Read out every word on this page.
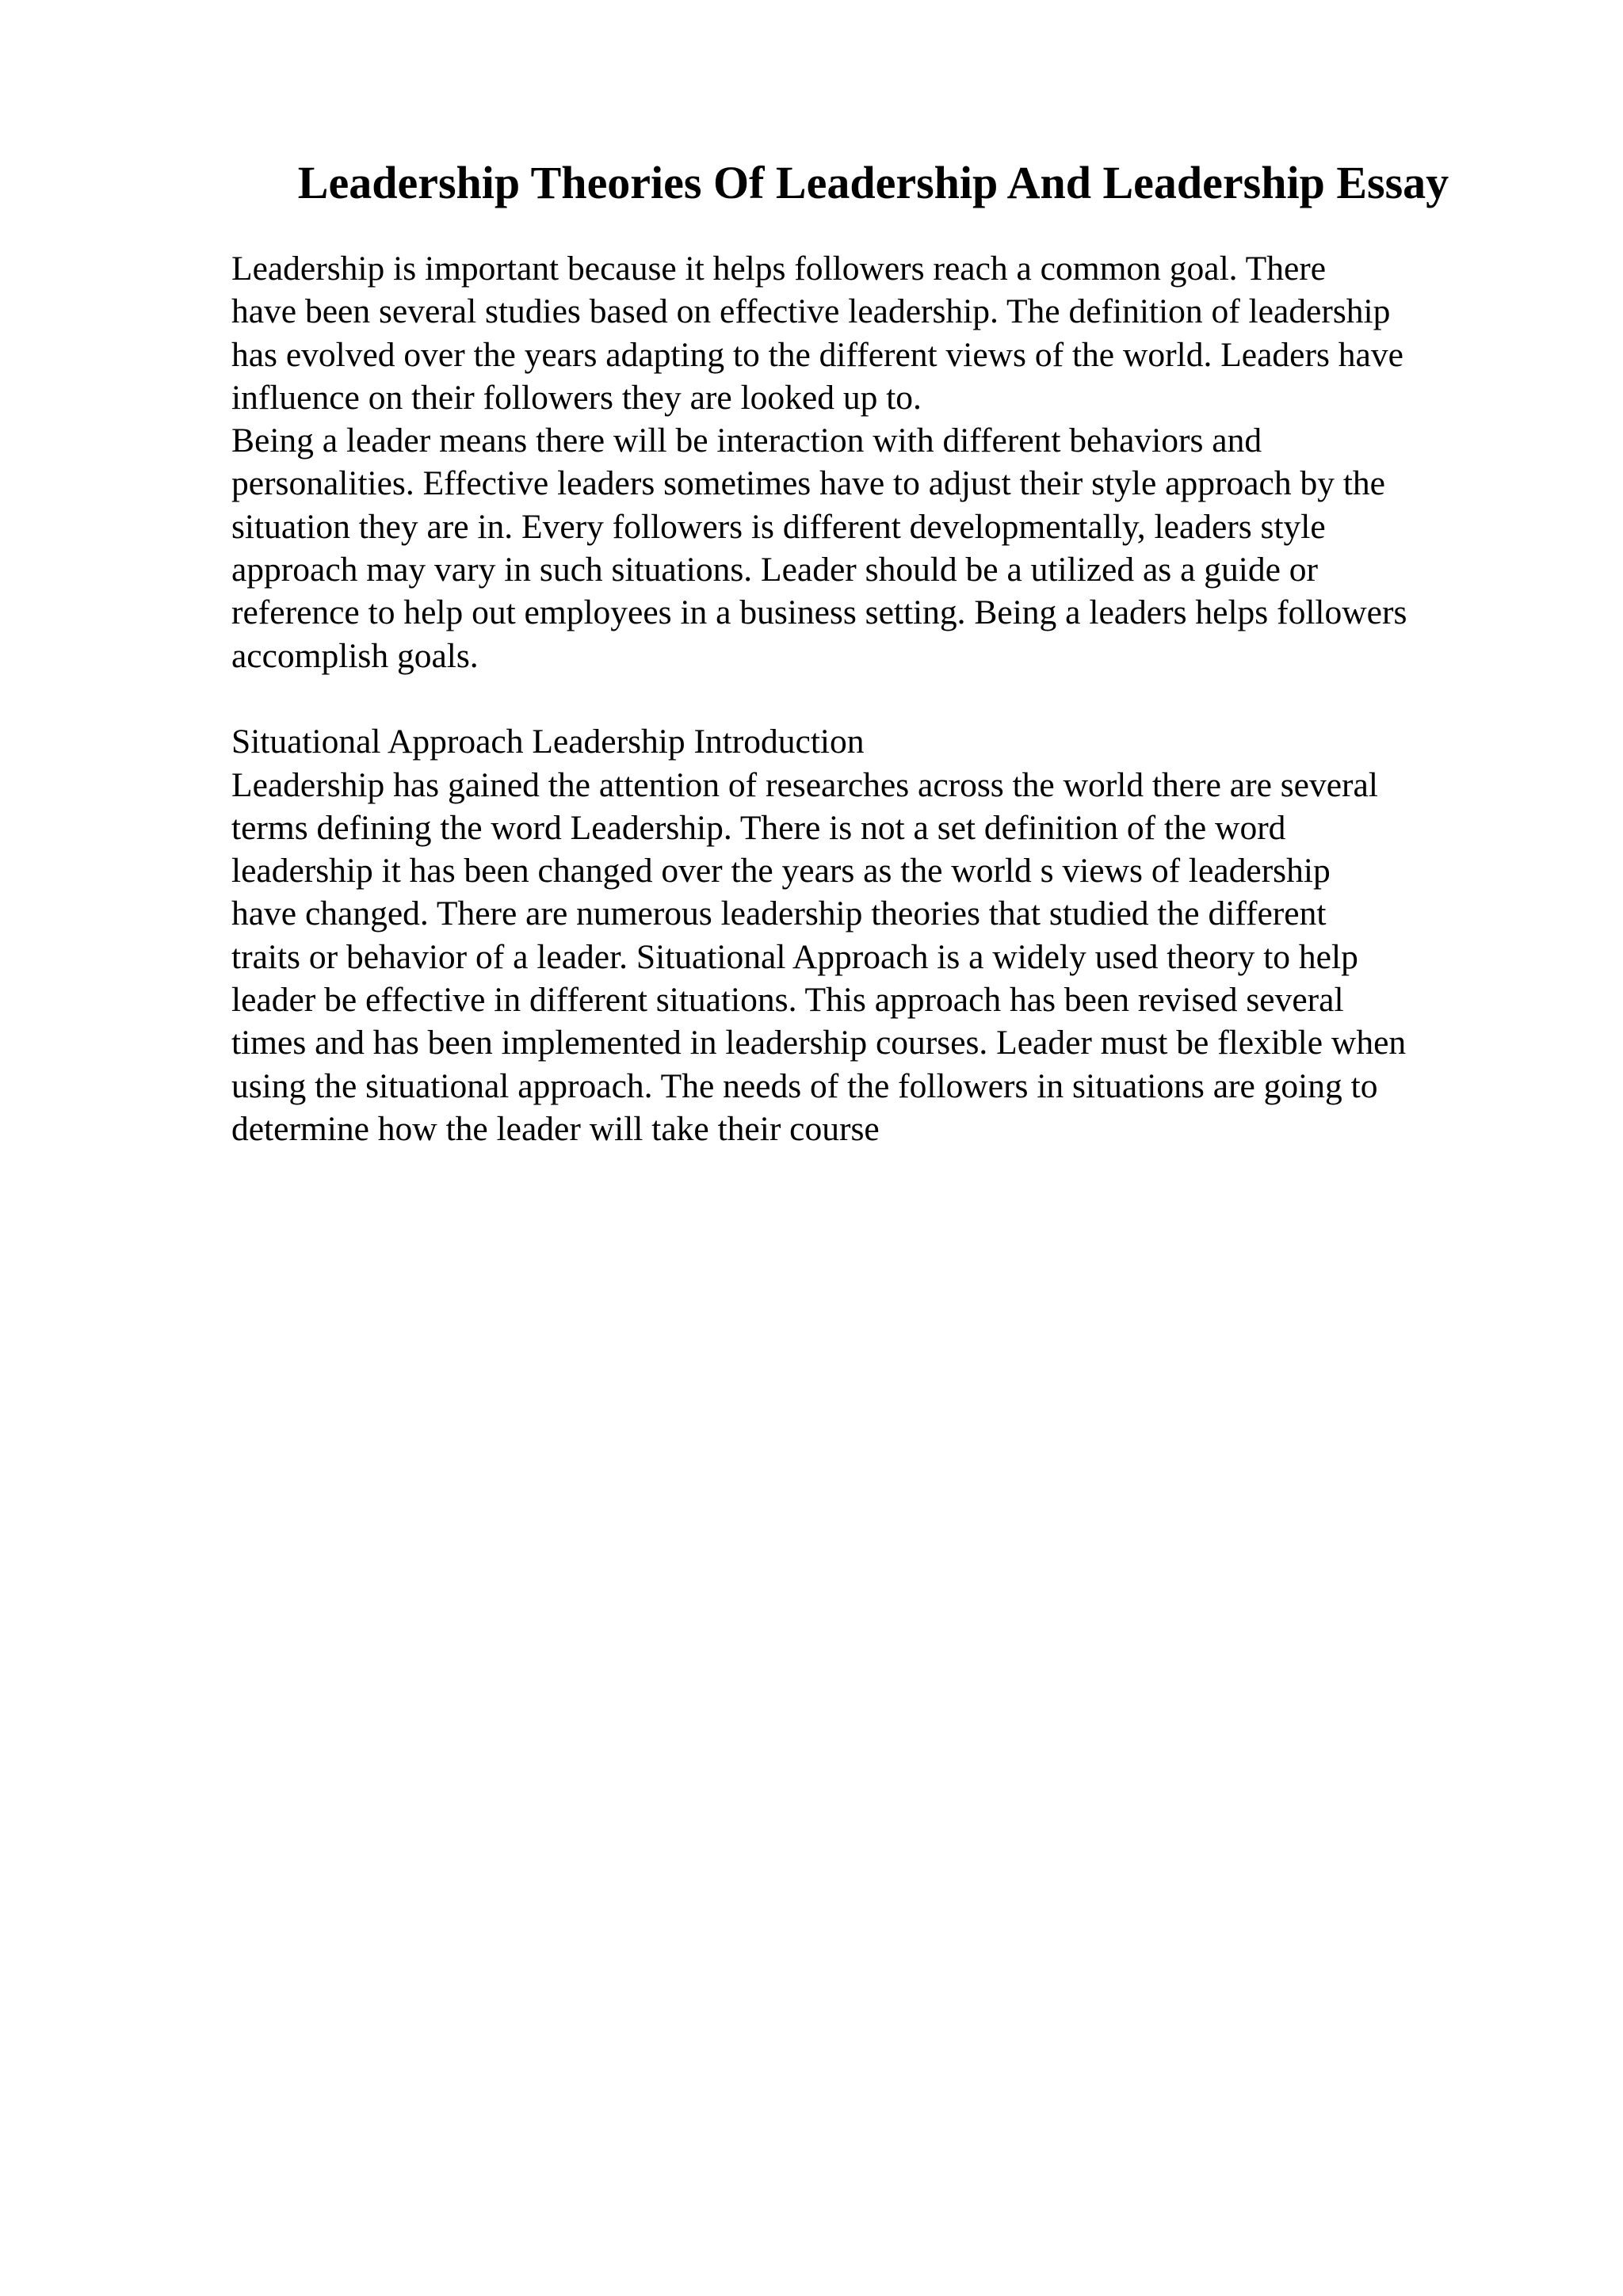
Leadership Theories Of Leadership And Leadership Essay
Leadership is important because it helps followers reach a common goal. There
have been several studies based on effective leadership. The definition of leadership
has evolved over the years adapting to the different views of the world. Leaders have
influence on their followers they are looked up to.
Being a leader means there will be interaction with different behaviors and
personalities. Effective leaders sometimes have to adjust their style approach by the
situation they are in. Every followers is different developmentally, leaders style
approach may vary in such situations. Leader should be a utilized as a guide or
reference to help out employees in a business setting. Being a leaders helps followers
accomplish goals.
Situational Approach Leadership Introduction
Leadership has gained the attention of researches across the world there are several
terms defining the word Leadership. There is not a set definition of the word
leadership it has been changed over the years as the world s views of leadership
have changed. There are numerous leadership theories that studied the different
traits or behavior of a leader. Situational Approach is a widely used theory to help
leader be effective in different situations. This approach has been revised several
times and has been implemented in leadership courses. Leader must be flexible when
using the situational approach. The needs of the followers in situations are going to
determine how the leader will take their course
